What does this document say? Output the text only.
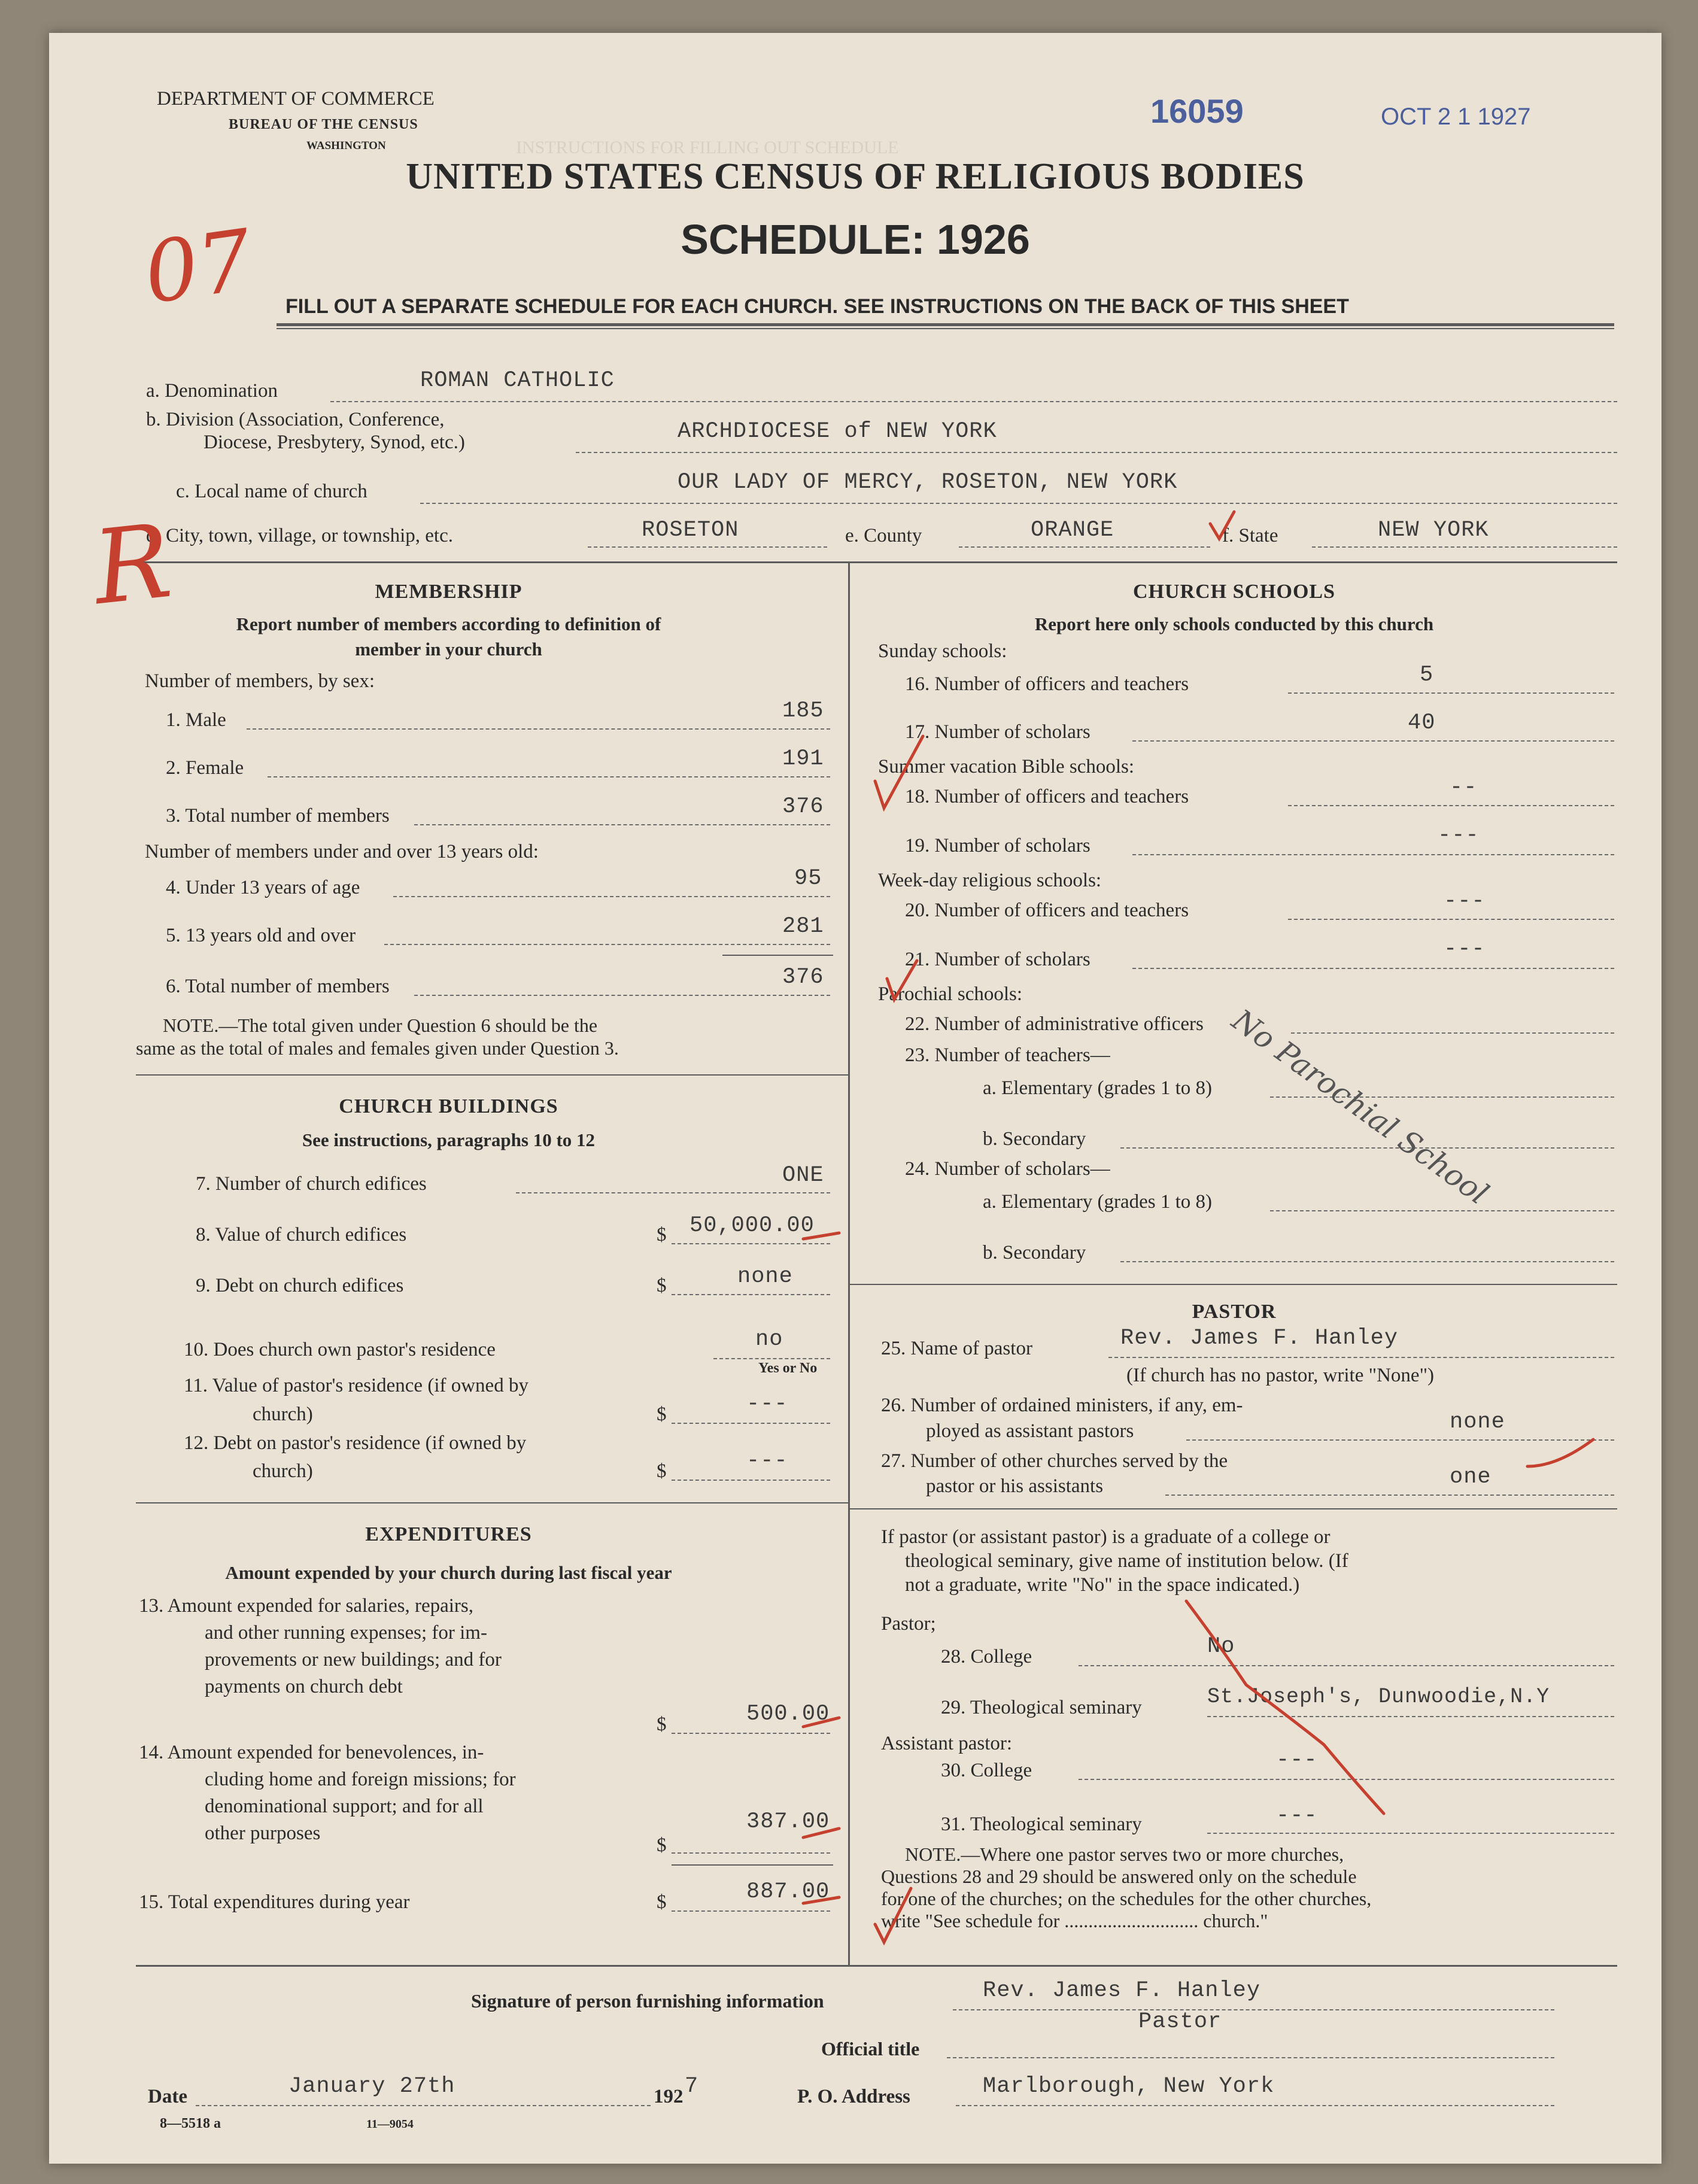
INSTRUCTIONS FOR FILLING OUT SCHEDULE
DEPARTMENT OF COMMERCE
BUREAU OF THE CENSUS
WASHINGTON
16059	OCT 2 1 1927
UNITED STATES CENSUS OF RELIGIOUS BODIES
SCHEDULE: 1926
FILL OUT A SEPARATE SCHEDULE FOR EACH CHURCH. SEE INSTRUCTIONS ON THE BACK OF THIS SHEET
a. Denomination	ROMAN CATHOLIC
b. Division (Association, Conference,
Diocese, Presbytery, Synod, etc.)	ARCHDIOCESE of NEW YORK
c. Local name of church	OUR LADY OF MERCY, ROSETON, NEW YORK
d. City, town, village, or township, etc.	ROSETON	e. County	ORANGE	f. State	NEW YORK
MEMBERSHIP
Report number of members according to definition of
member in your church
Number of members, by sex:
1. Male	185
2. Female	191
3. Total number of members	376
Number of members under and over 13 years old:
4. Under 13 years of age	95
5. 13 years old and over	281
6. Total number of members	376
NOTE.—The total given under Question 6 should be the
same as the total of males and females given under Question 3.
CHURCH BUILDINGS
See instructions, paragraphs 10 to 12
7. Number of church edifices	ONE
8. Value of church edifices	$ 50,000.00
9. Debt on church edifices	$	none
10. Does church own pastor's residence	no
Yes or No
11. Value of pastor's residence (if owned by
church)	$	---
12. Debt on pastor's residence (if owned by
church)	$	---
EXPENDITURES
Amount expended by your church during last fiscal year
13. Amount expended for salaries, repairs,
and other running expenses; for im-
provements or new buildings; and for
payments on church debt
$	500.00
14. Amount expended for benevolences, in-
cluding home and foreign missions; for
denominational support; and for all
other purposes	387.00
$
15. Total expenditures during year	$	887.00
CHURCH SCHOOLS
Report here only schools conducted by this church
Sunday schools:
16. Number of officers and teachers	5
17. Number of scholars	40
Summer vacation Bible schools:
18. Number of officers and teachers	--
19. Number of scholars	---
Week-day religious schools:
20. Number of officers and teachers	---
21. Number of scholars	---
Parochial schools:
22. Number of administrative officers
23. Number of teachers—
a. Elementary (grades 1 to 8)
b. Secondary
24. Number of scholars—
a. Elementary (grades 1 to 8)
b. Secondary
No Parochial School
PASTOR
25. Name of pastor	Rev. James F. Hanley
(If church has no pastor, write "None")
26. Number of ordained ministers, if any, em-
ployed as assistant pastors	none
27. Number of other churches served by the
pastor or his assistants	one
If pastor (or assistant pastor) is a graduate of a college or
theological seminary, give name of institution below. (If
not a graduate, write "No" in the space indicated.)
Pastor;
28. College	No
29. Theological seminary	St.Joseph's, Dunwoodie,N.Y
Assistant pastor:
30. College	---
31. Theological seminary	---
NOTE.—Where one pastor serves two or more churches,
Questions 28 and 29 should be answered only on the schedule
for one of the churches; on the schedules for the other churches,
write "See schedule for ............................ church."
Signature of person furnishing information	Rev. James F. Hanley
Pastor
Official title
Date	January 27th	192 7	P. O. Address	Marlborough, New York
8—5518 a	11—9054
07
R
